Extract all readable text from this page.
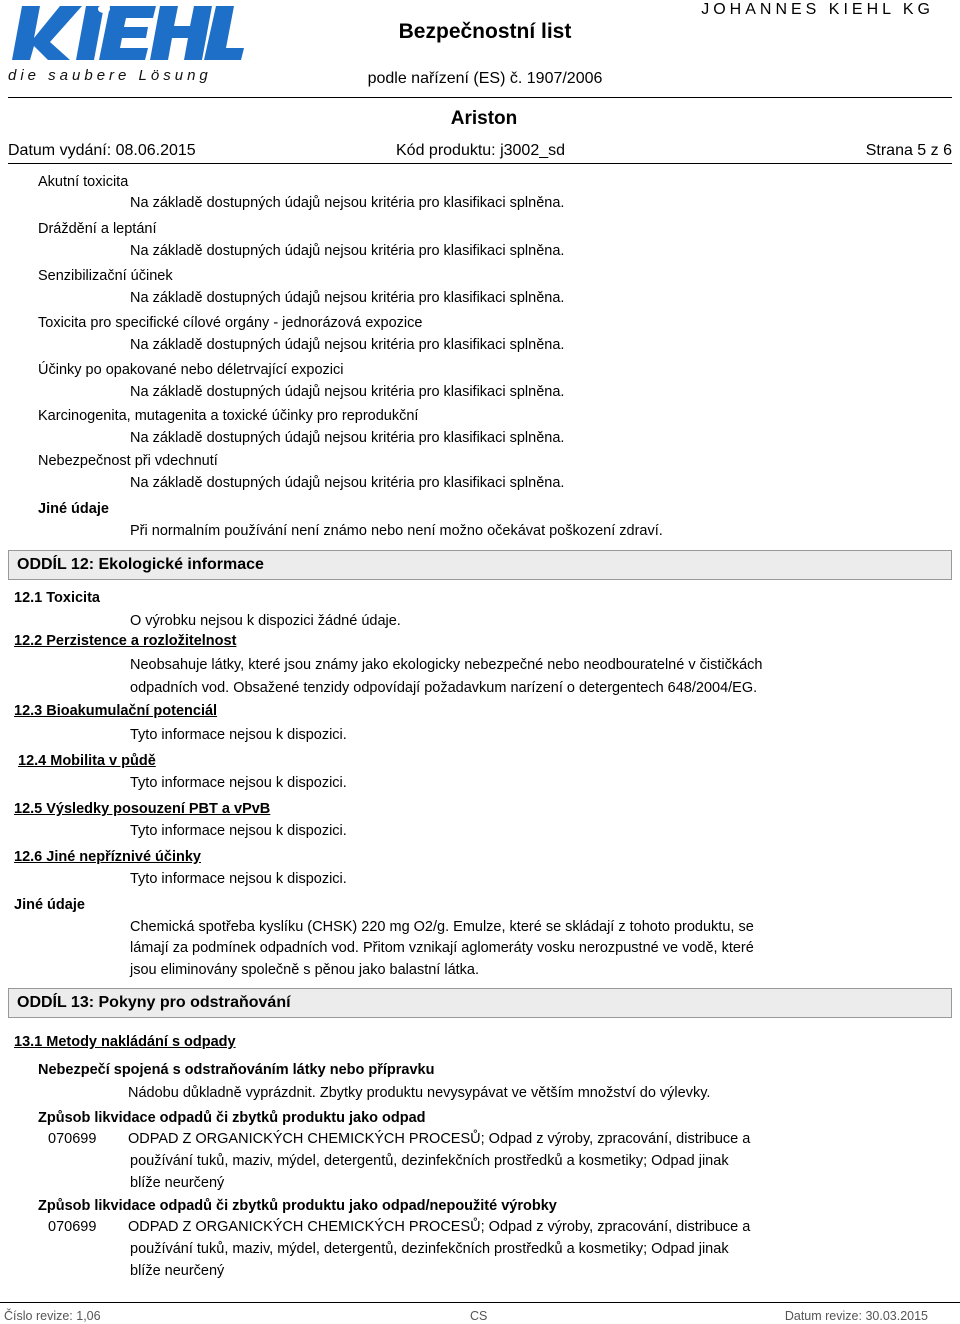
die saubere Lösung
Bezpečnostní list
JOHANNES KIEHL KG
podle nařízení (ES) č. 1907/2006
Ariston
Datum vydání: 08.06.2015	Kód produktu: j3002_sd	Strana 5 z 6
Akutní toxicita
Na základě dostupných údajů nejsou kritéria pro klasifikaci splněna.
Dráždění a leptání
Na základě dostupných údajů nejsou kritéria pro klasifikaci splněna.
Senzibilizační účinek
Na základě dostupných údajů nejsou kritéria pro klasifikaci splněna.
Toxicita pro specifické cílové orgány - jednorázová expozice
Na základě dostupných údajů nejsou kritéria pro klasifikaci splněna.
Účinky po opakované nebo déletrvající expozici
Na základě dostupných údajů nejsou kritéria pro klasifikaci splněna.
Karcinogenita, mutagenita a toxické účinky pro reprodukční
Na základě dostupných údajů nejsou kritéria pro klasifikaci splněna.
Nebezpečnost při vdechnutí
Na základě dostupných údajů nejsou kritéria pro klasifikaci splněna.
Jiné údaje
Při normalním používání není známo nebo není možno očekávat poškození zdraví.
ODDÍL 12: Ekologické informace
12.1 Toxicita
O výrobku nejsou k dispozici žádné údaje.
12.2 Perzistence a rozložitelnost
Neobsahuje látky, které jsou známy jako ekologicky nebezpečné nebo neodbouratelné v čističkách
odpadních vod. Obsažené tenzidy odpovídají požadavkum narízení o detergentech 648/2004/EG.
12.3 Bioakumulační potenciál
Tyto informace nejsou k dispozici.
12.4 Mobilita v půdě
Tyto informace nejsou k dispozici.
12.5 Výsledky posouzení PBT a vPvB
Tyto informace nejsou k dispozici.
12.6 Jiné nepříznivé účinky
Tyto informace nejsou k dispozici.
Jiné údaje
Chemická spotřeba kyslíku (CHSK) 220 mg O2/g. Emulze, které se skládají z tohoto produktu, se
lámají za podmínek odpadních vod. Přitom vznikají aglomeráty vosku nerozpustné ve vodě, které
jsou eliminovány společně s pěnou jako balastní látka.
ODDÍL 13: Pokyny pro odstraňování
13.1 Metody nakládání s odpady
Nebezpečí spojená s odstraňováním látky nebo přípravku
Nádobu důkladně vyprázdnit. Zbytky produktu nevysypávat ve větším množství do výlevky.
Způsob likvidace odpadů či zbytků produktu jako odpad
070699 ODPAD Z ORGANICKÝCH CHEMICKÝCH PROCESŮ; Odpad z výroby, zpracování, distribuce a
používání tuků, maziv, mýdel, detergentů, dezinfekčních prostředků a kosmetiky; Odpad jinak
blíže neurčený
Způsob likvidace odpadů či zbytků produktu jako odpad/nepoužité výrobky
070699 ODPAD Z ORGANICKÝCH CHEMICKÝCH PROCESŮ; Odpad z výroby, zpracování, distribuce a
používání tuků, maziv, mýdel, detergentů, dezinfekčních prostředků a kosmetiky; Odpad jinak
blíže neurčený
Číslo revize: 1,06	CS	Datum revize: 30.03.2015
